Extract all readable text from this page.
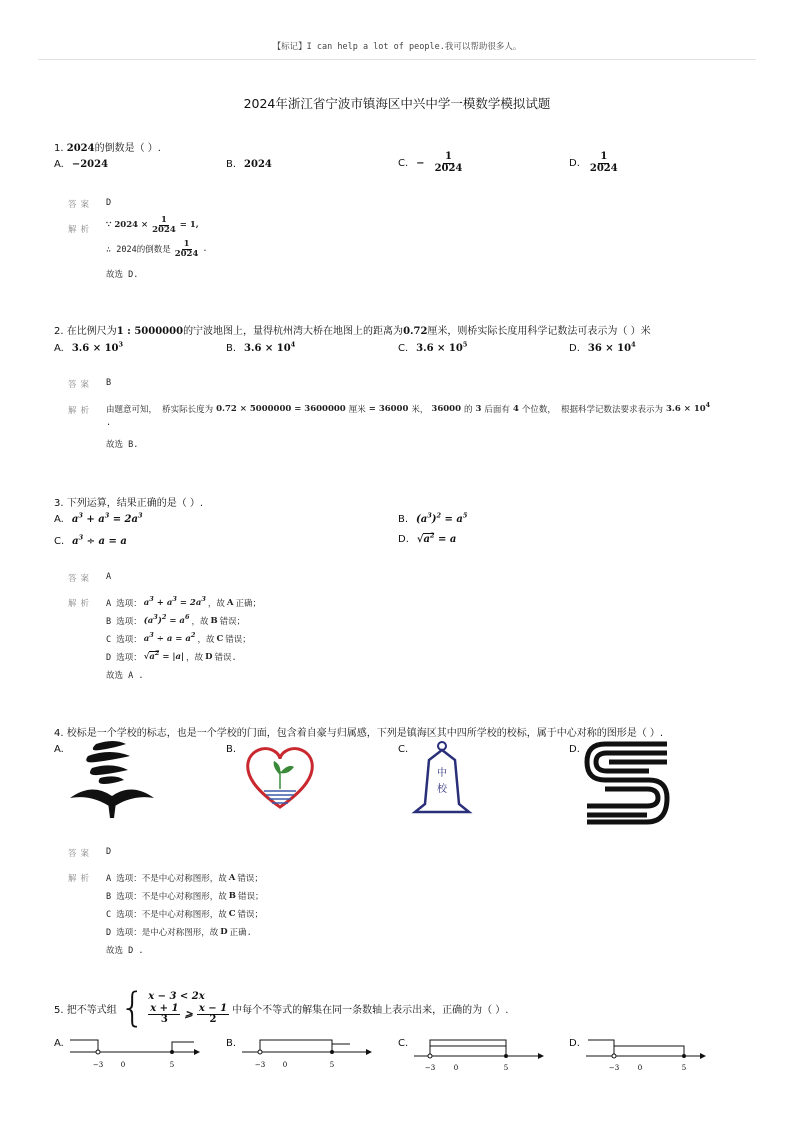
【标记】I can help a lot of people.我可以帮助很多人。
2024年浙江省宁波市镇海区中兴中学一模数学模拟试题
1. 2024的倒数是（ ）.
A. −2024	B. 2024	C. − $\frac{1}{2024}$	D. $\frac{1}{2024}$
答案 D
解析 ∵ $2024 \times \frac{1}{2024} = 1$,
∴ 2024的倒数是 $\frac{1}{2024}$ .
故选 D.
2. 在比例尺为1 : 5000000的宁波地图上，量得杭州湾大桥在地图上的距离为0.72厘米，则桥实际长度用科学记数法可表示为（ ）米
A. $3.6 \times 10^3$	B. $3.6 \times 10^4$	C. $3.6 \times 10^5$	D. $36 \times 10^4$
答案 B
解析 由题意可知， 桥实际长度为 0.72 × 5000000 = 3600000 厘米 = 36000 米， 36000 的 3 后面有 4 个位数， 根据科学记数法要求表示为 $3.6 \times 10^4$
.
故选 B.
3. 下列运算，结果正确的是（ ）.
A. $a^3 + a^3 = 2a^3$	B. $(a^3)^2 = a^5$
C. $a^3 \div a = a$	D. $√a^2 = a$
答案 A
解析 A 选项： $a^3 + a^3 = 2a^3$ ，故 A 正确；
B 选项： $(a^3)^2 = a^6$ ，故 B 错误；
C 选项： $a^3 \div a = a^2$ ，故 C 错误；
D 选项： $√a^2 = |a|$ ，故 D 错误.
故选 A .
4. 校标是一个学校的标志，也是一个学校的门面，包含着自豪与归属感，下列是镇海区其中四所学校的校标，属于中心对称的图形是（ ）.
A.	B.	C.
中
校
D.
答案 D
解析 A 选项：不是中心对称图形，故 A 错误；
B 选项：不是中心对称图形，故 B 错误；
C 选项：不是中心对称图形，故 C 错误；
D 选项：是中心对称图形，故 D 正确.
故选 D .
5. 把不等式组 { x − 3 < 2x
$\frac{x + 1}{3}$ ⩾ $\frac{x - 1}{2}$ 中每个不等式的解集在同一条数轴上表示出来，正确的为（ ）.
A.
−3	0	5
B.
−3	0	5
C.
−3	0	5
D.
−3	0	5
